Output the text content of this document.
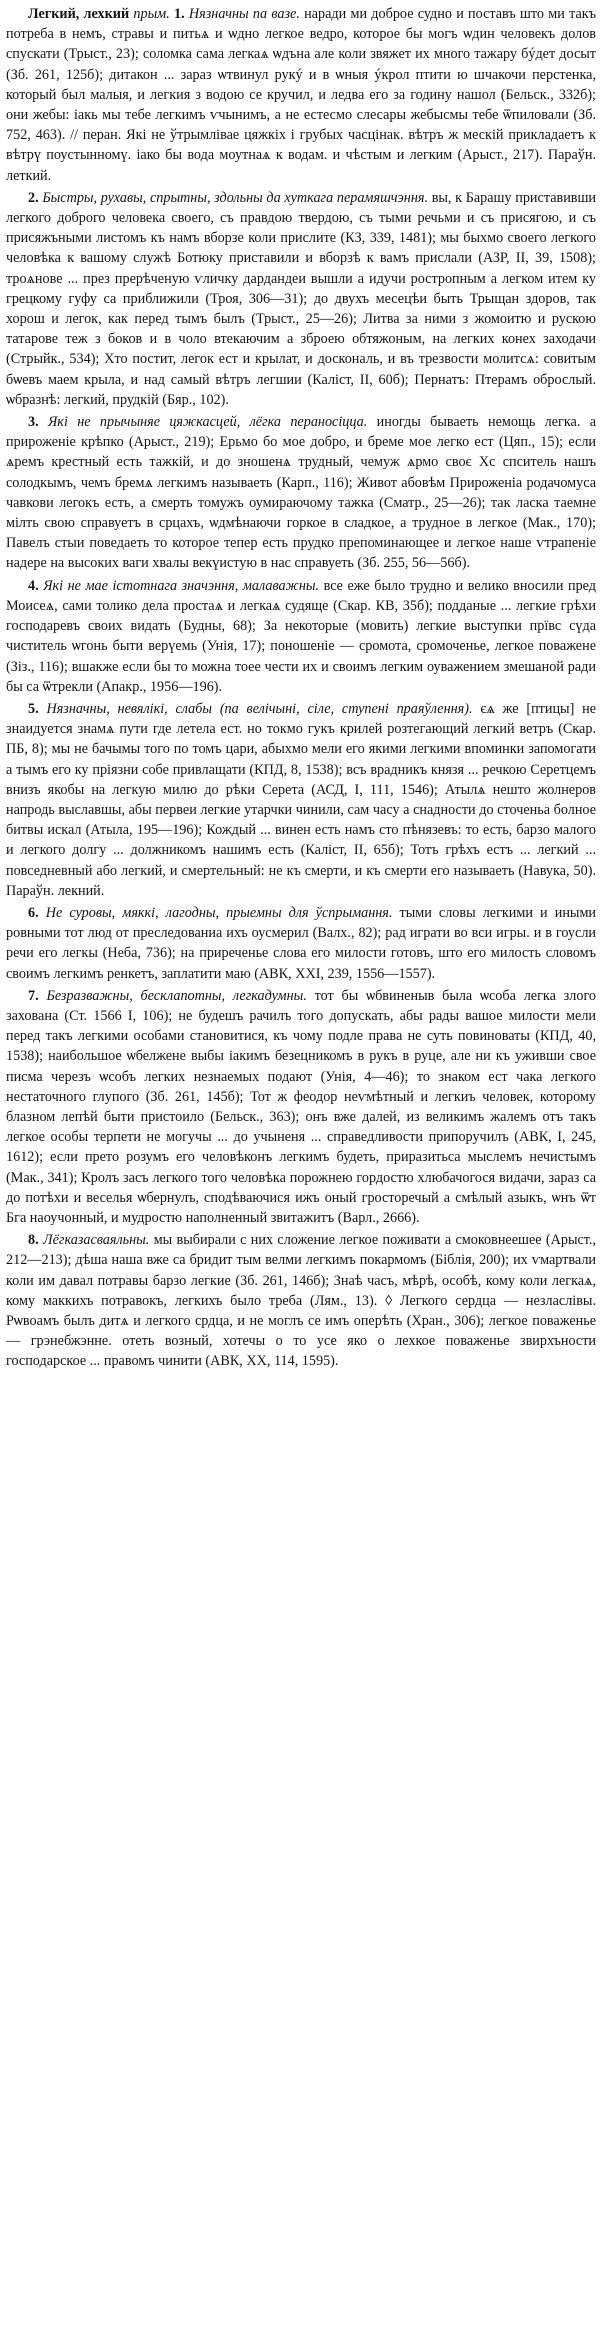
Легкий, лехкий прым. 1. Нязначны па вазе. наради ми доброе судно и поставъ што ми такъ потреба в немъ, стравы и питьѧ и ѡдно легкое ведро, которое бы могъ ѡдин человекъ долов спускати (Трыст., 23); соломка сама легкаѧ ѡдъна але коли звяжет их много тажару бýдет досыт (Зб. 261, 125б); дитакон ... зараз ѡтвинул рукý и в ѡныя ýкрол птити ю шчакочи перстенка, который был малыя, и легкия з водою се кручил, и ледва его за годину нашол (Бельск., 332б); они жебы: іакь мы тебе легкимъ ѵчынимъ, а не естесмо слесары жебысмы тебе ѿпиловали (Зб. 752, 463). // перан. Які не ўтрымлівае цяжкіх і грубых часцінак. вѣтръ ж мескій прикладаетъ к вѣтрү поустынномү. іако бы вода моутнаѧ к водам. и чѣстым и легким (Арыст., 217). Параўн. леткий.

2. Быстры, рухавы, спрытны, здольны да хуткага перамяшчэння. вы, к Барашу приставивши легкого доброго человека своего, съ правдою твердою, съ тыми речьми и съ присягою, и съ присяжъными листомъ къ намъ вборзе коли прислите (КЗ, 339, 1481); мы быхмо своего легкого человѣка к вашому служѣ Ботюку приставили и вборзѣ к вамъ прислали (АЗР, II, 39, 1508); троѧнове ... през прерѣченую ѵличку дардандеи вышли а идучи ростропным а легком итем ку грецкому гуфу са приближили (Троя, 306—31); до двухъ месецѣи быть Трыщан здоров, так хорош и легок, как перед тымъ былъ (Трыст., 25—26); Литва за ними з жомоитю и рускою татарове теж з боков и в чоло втекаючим а зброею обтяжоным, на легких конех заходачи (Стрыйк., 534); Хто постит, легок ест и крылат, и доскональ, и въ трезвости молитсѧ: совитым бѡевъ маем крыла, и над самый вѣтръ легшии (Каліст, II, 60б); Пернатъ: Птерамъ оброслый. ѡбразнѣ: легкий, прудкій (Бяр., 102).

3. Які не прычыняе цяжкасцей, лёгка пераносіцца. иногды бываеть немощь легка. а прироженіе крѣпко (Арыст., 219); Ерьмо бо мое добро, и бреме мое легко ест (Цяп., 15); если ѧремъ крестный есть тажкій, и до зношенѧ трудный, чемуж ѧрмо своє Хс спситель нашъ солодкымъ, чемъ бремѧ легкимъ называеть (Карп., 116); Живот абовѣм Прироженіа родачомуса чавкови легокъ есть, а смерть томужъ оумираючому тажка (Сматр., 25—26); так ласка таемне мілть свою справуетъ в срцахъ, ѡдмѣнаючи горкое в сладкое, а трудное в легкое (Мак., 170); Павелъ стыи поведаеть то которое тепер есть прудко препоминающее и легкое наше ѵтрапеніе надере на высоких ваги хвалы векүистую в нас справуеть (Зб. 255, 56—56б).

4. Які не мае істотнага значэння, малаважны. все еже было трудно и велико вносили пред Моисеѧ, сами толико дела простаѧ и легкаѧ судяще (Скар. КВ, 35б); подданые ... легкие грѣхи господаревъ своих видать (Будны, 68); За некоторые (мовить) легкие выступки прївс сүда чиститель ѡгонь быти верүемь (Унія, 17); поношеніе — сромота, сромоченье, легкое поважене (Зіз., 116); вшакже если бы то можна тоее чести их и своимъ легким оуважением змешаной ради бы са ѿтрекли (Апакр., 1956—196).

5. Нязначны, невялікі, слабы (па велічыні, сіле, ступені праяўлення). єѧ же [птицы] не знаидуется знамѧ пути где летела ест. но токмо гукъ крилей розтегающий легкий ветръ (Скар. ПБ, 8); мы не бачымы того по томъ цари, абыхмо мели его якими легкими впоминки запомогати а тымъ его ку прiязни собе привлащати (КПД, 8, 1538); всъ врадникъ князя ... речкою Серетцемъ внизъ якобы на легкую милю до рѣки Серета (АСД, I, 111, 1546); Атылѧ нешто жолнеров напродь выславшы, абы первеи легкие утарчки чинили, сам часу а снадности до сточеньа болное битвы искал (Атыла, 195—196); Кождый ... винен есть намъ сто пѣнязевъ: то есть, барзо малого и легкого долгу ... должникомъ нашимъ есть (Каліст, II, 65б); Тотъ грѣхъ естъ ... легкий ... повседневный або легкий, и смертельный: не къ смерти, и къ смерти его называеть (Навука, 50). Параўн. лекний.

6. Не суровы, мяккі, лагодны, прыемны для ўспрымання. тыми словы легкими и иными ровными тот люд от преследованиа ихъ оусмерил (Валх., 82); рад играти во вси игры. и в гоусли речи его легкы (Неба, 736); на приреченье слова его милости готовъ, што его милость словомъ своимъ легкимъ ренкетъ, заплатити маю (АВК, XXI, 239, 1556—1557).

7. Безразважны, бесклапотны, легкадумны. тот бы ѡбвиненыв была ѡсоба легка злого захована (Ст. 1566 I, 106); не будешъ рачилъ того допускать, абы рады вашое милости мели перед такъ легкими особами становитися, къ чому подле права не суть повиноваты (КПД, 40, 1538); наибольшое ѡбелжене выбы іакимъ безецникомъ в рукъ в руце, але ни къ уживши свое писма черезъ ѡсобъ легких незнаемых подают (Унія, 4—46); то знаком ест чака легкого нестаточного глупого (Зб. 261, 145б); Тот ж феодор неѵмѣтный и легкиъ человек, которому блазном лепѣй быти пристоило (Бельск., 363); онъ вже далей, из великимъ жалемъ отъ такъ легкое особы терпети не могучы ... до учыненя ... справедливости припоручилъ (АВК, I, 245, 1612); если прето розумъ его человѣконъ легкимъ будеть, приразитьса мыслемъ нечистымъ (Мак., 341); Кролъ засъ легкого того человѣка порожнею гордостю хлюбачогося видачи, зараз са до потѣхи и веселья ѡбернулъ, сподѣваючися ижъ оный гросторечый а смѣлый азыкъ, ѡнъ ѿт Бга наоучонный, и мудростю наполненный звитажитъ (Варл., 2666).

8. Лёгказасваяльны. мы выбирали с них сложение легкое поживати а смоковнеешее (Арыст., 212—213); дѣша наша вже са бридит тым велми легкимъ покармомъ (Біблія, 200); их ѵмартвали коли им давал потравы барзо легкие (Зб. 261, 146б); Знаѣ часъ, мѣрѣ, особѣ, кому коли легкаѧ, кому маккихъ потравокъ, легкихъ было треба (Лям., 13). ◊ Легкого сердца — незласлівы. Рѡвоамъ былъ дитѧ и легкого срдца, и не моглъ се имъ оперѣть (Хран., 306); легкое поваженье — грэнебжэнне. отеть возный, хотечы о то усе яко о лехкое поваженье звирхъности господарское ... правомъ чинити (АВК, XX, 114, 1595).
